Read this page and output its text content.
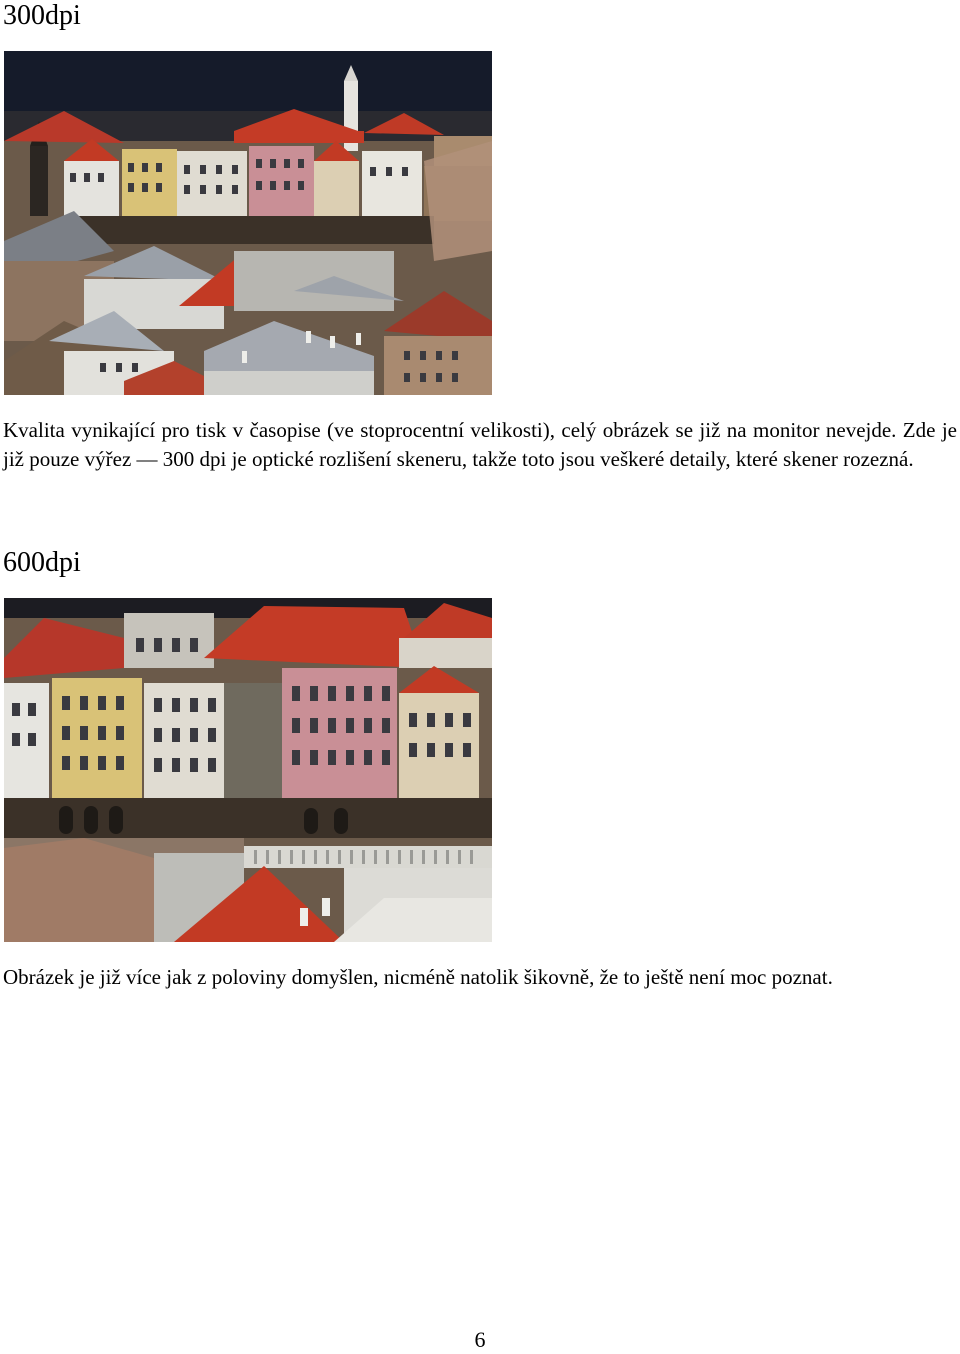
300dpi

Kvalita vynikající pro tisk v časopise (ve stoprocentní velikosti), celý obrázek se již na monitor nevejde. Zde je již pouze výřez — 300 dpi je optické rozlišení skeneru, takže toto jsou veškeré detaily, které skener rozezná.

600dpi

Obrázek je již více jak z poloviny domyšlen, nicméně natolik šikovně, že to ještě není moc poznat.

6
